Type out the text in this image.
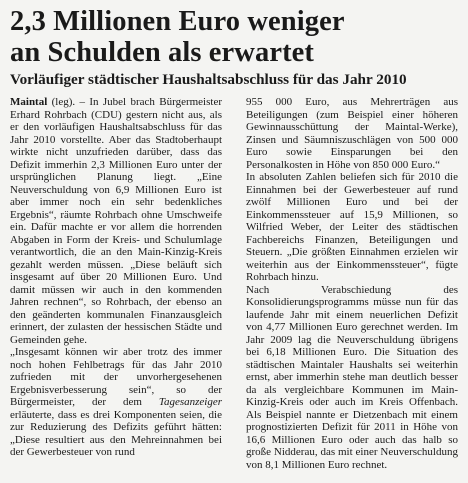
2,3 Millionen Euro weniger
an Schulden als erwartet
Vorläufiger städtischer Haushaltsabschluss für das Jahr 2010

Maintal (leg). – In Jubel brach Bürgermeister Erhard Rohrbach (CDU) gestern nicht aus, als er den vorläufigen Haushaltsabschluss für das Jahr 2010 vorstellte. Aber das Stadtoberhaupt wirkte nicht unzufrieden darüber, dass das Defizit immerhin 2,3 Millionen Euro unter der ursprünglichen Planung liegt. „Eine Neuverschuldung von 6,9 Millionen Euro ist aber immer noch ein sehr bedenkliches Ergebnis“, räumte Rohrbach ohne Umschweife ein. Dafür machte er vor allem die horrenden Abgaben in Form der Kreis- und Schulumlage verantwortlich, die an den Main-Kinzig-Kreis gezahlt werden müssen. „Diese beläuft sich insgesamt auf über 20 Millionen Euro. Und damit müssen wir auch in den kommenden Jahren rechnen“, so Rohrbach, der ebenso an den geänderten kommunalen Finanzausgleich erinnert, der zulasten der hessischen Städte und Gemeinden gehe.

„Insgesamt können wir aber trotz des immer noch hohen Fehlbetrags für das Jahr 2010 zufrieden mit der unvorhergesehenen Ergebnisverbesserung sein“, so der Bürgermeister, der dem Tagesanzeiger erläuterte, dass es drei Komponenten seien, die zur Reduzierung des Defizits geführt hätten: „Diese resultiert aus den Mehreinnahmen bei der Gewerbesteuer von rund

955 000 Euro, aus Mehrerträgen aus Beteiligungen (zum Beispiel einer höheren Gewinnausschüttung der Maintal-Werke), Zinsen und Säumniszuschlägen von 500 000 Euro sowie Einsparungen bei den Personalkosten in Höhe von 850 000 Euro.“

In absoluten Zahlen beliefen sich für 2010 die Einnahmen bei der Gewerbesteuer auf rund zwölf Millionen Euro und bei der Einkommenssteuer auf 15,9 Millionen, so Wilfried Weber, der Leiter des städtischen Fachbereichs Finanzen, Beteiligungen und Steuern. „Die größten Einnahmen erzielen wir weiterhin aus der Einkommenssteuer“, fügte Rohrbach hinzu.

Nach Verabschiedung des Konsolidierungsprogramms müsse nun für das laufende Jahr mit einem neuerlichen Defizit von 4,77 Millionen Euro gerechnet werden. Im Jahr 2009 lag die Neuverschuldung übrigens bei 6,18 Millionen Euro. Die Situation des städtischen Maintaler Haushalts sei weiterhin ernst, aber immerhin stehe man deutlich besser da als vergleichbare Kommunen im Main-Kinzig-Kreis oder auch im Kreis Offenbach. Als Beispiel nannte er Dietzenbach mit einem prognostizierten Defizit für 2011 in Höhe von 16,6 Millionen Euro oder auch das halb so große Nidderau, das mit einer Neuverschuldung von 8,1 Millionen Euro rechnet.
